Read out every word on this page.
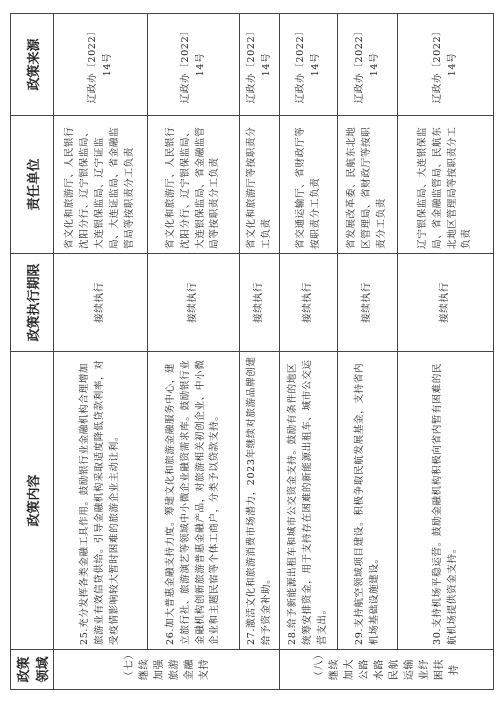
政策领域	政策内容	政策执行期限	责任单位	政策来源
（七）继续加强旅游金融支持	25.充分发挥各类金融工具作用。鼓励银行业金融机构合理增加旅游业有效信贷供给。引导金融机构采取适度降低贷款利率，对受疫情影响较大暂时困难的旅游企业主动让利。	接续执行	省文化和旅游厅、人民银行沈阳分行、辽宁银保监局、大连银保监局、辽宁证监局、大连证监局、省金融监管局等按职责分工负责	辽政办〔2022〕 14号

	26.加大普惠金融支持力度。筹建文化和旅游金融服务中心，建立旅行社、旅游演艺等领域中小微企业融资需求库。鼓励银行业金融机构创新旅游普惠金融产品，对旅游相关初创企业、中小微企业和主题民宿等个体工商户，分类予以贷款支持。	接续执行	省文化和旅游厅、人民银行沈阳分行、辽宁银保监局、大连银保监局、省金融监管局等按职责分工负责	辽政办〔2022〕 14号

	27.激活文化和旅游消费市场潜力，2023年继续对旅游品牌创建给予资金补助。	接续执行	省文化和旅游厅等按职责分工负责	辽政办〔2022〕 14号

（八）继续加大公路水路民航运输业纾困扶持	28.给予新能源出租车和城市公交资金支持。鼓励有条件的地区统筹安排资金，用于支持存在困难的新能源出租车、城市公交运营支出。	接续执行	省交通运输厅、省财政厅等按职责分工负责	辽政办〔2022〕 14号

	29.支持航空领域项目建设。积极争取民航发展基金，支持省内机场基础设施建设。	接续执行	省发展改革委、民航东北地区管理局、省财政厅等按职责分工负责	辽政办〔2022〕 14号

	30.支持机场平稳运营。鼓励金融机构积极向省内暂有困难的民航机场提供资金支持。	接续执行	辽宁银保监局、大连银保监局、省金融监管局、民航东北地区管理局等按职责分工负责	辽政办〔2022〕 14号
